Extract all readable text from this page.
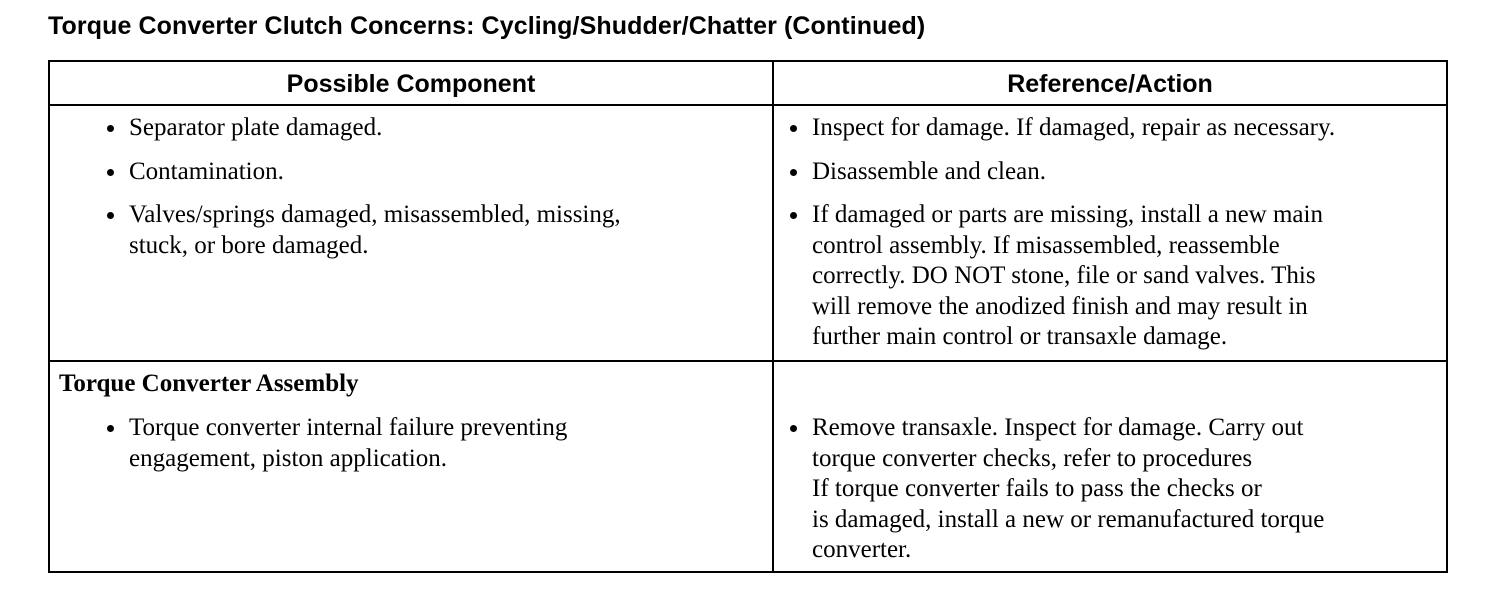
Torque Converter Clutch Concerns: Cycling/Shudder/Chatter (Continued)
Possible Component	Reference/Action
Separator plate damaged.
Contamination.
Valves/springs damaged, misassembled, missing,
stuck, or bore damaged.
Inspect for damage. If damaged, repair as necessary.
Disassemble and clean.
If damaged or parts are missing, install a new main
control assembly. If misassembled, reassemble
correctly. DO NOT stone, file or sand valves. This
will remove the anodized finish and may result in
further main control or transaxle damage.
Torque Converter Assembly
Torque converter internal failure preventing
engagement, piston application.
Remove transaxle. Inspect for damage. Carry out
torque converter checks, refer to procedures
If torque converter fails to pass the checks or
is damaged, install a new or remanufactured torque
converter.
